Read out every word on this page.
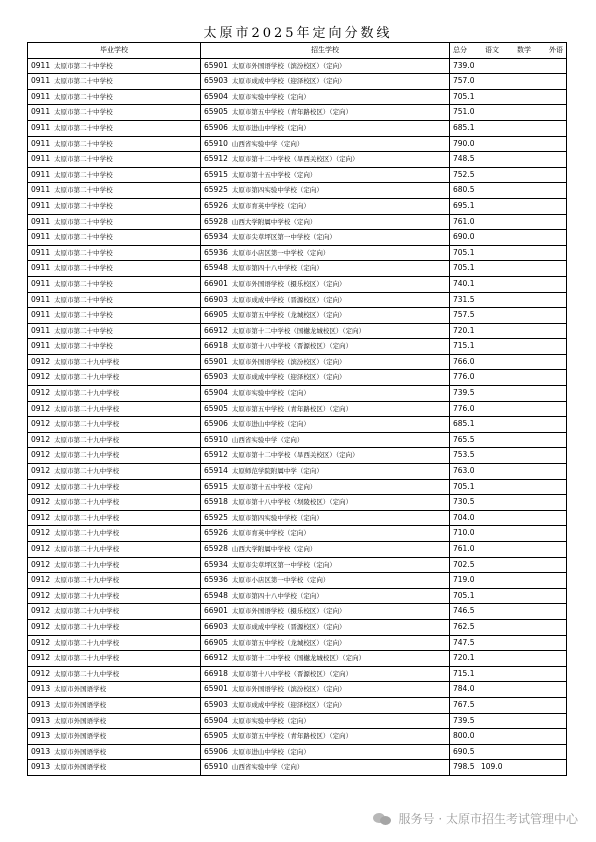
太原市2025年定向分数线
毕业学校	招生学校	总分 语文 数学 外语

0911 太原市第二十中学校	65901 太原市外国语学校（滨汾校区）（定向）	739.0
0911 太原市第二十中学校	65903 太原市成成中学校（迎泽校区）（定向）	757.0
0911 太原市第二十中学校	65904 太原市实验中学校（定向）	705.1
0911 太原市第二十中学校	65905 太原市第五中学校（青年路校区）（定向）	751.0
0911 太原市第二十中学校	65906 太原市进山中学校（定向）	685.1
0911 太原市第二十中学校	65910 山西省实验中学（定向）	790.0
0911 太原市第二十中学校	65912 太原市第十二中学校（旱西关校区）（定向）	748.5
0911 太原市第二十中学校	65915 太原市第十五中学校（定向）	752.5
0911 太原市第二十中学校	65925 太原市第四实验中学校（定向）	680.5
0911 太原市第二十中学校	65926 太原市育英中学校（定向）	695.1
0911 太原市第二十中学校	65928 山西大学附属中学校（定向）	761.0
0911 太原市第二十中学校	65934 太原市尖草坪区第一中学校（定向）	690.0
0911 太原市第二十中学校	65936 太原市小店区第一中学校（定向）	705.1
0911 太原市第二十中学校	65948 太原市第四十八中学校（定向）	705.1
0911 太原市第二十中学校	66901 太原市外国语学校（摄乐校区）（定向）	740.1
0911 太原市第二十中学校	66903 太原市成成中学校（晋源校区）（定向）	731.5
0911 太原市第二十中学校	66905 太原市第五中学校（龙城校区）（定向）	757.5
0911 太原市第二十中学校	66912 太原市第十二中学校（国樾龙城校区）（定向）	720.1
0911 太原市第二十中学校	66918 太原市第十八中学校（晋源校区）（定向）	715.1
0912 太原市第二十九中学校	65901 太原市外国语学校（滨汾校区）（定向）	766.0
0912 太原市第二十九中学校	65903 太原市成成中学校（迎泽校区）（定向）	776.0
0912 太原市第二十九中学校	65904 太原市实验中学校（定向）	739.5
0912 太原市第二十九中学校	65905 太原市第五中学校（青年路校区）（定向）	776.0
0912 太原市第二十九中学校	65906 太原市进山中学校（定向）	685.1
0912 太原市第二十九中学校	65910 山西省实验中学（定向）	765.5
0912 太原市第二十九中学校	65912 太原市第十二中学校（旱西关校区）（定向）	753.5
0912 太原市第二十九中学校	65914 太原师范学院附属中学（定向）	763.0
0912 太原市第二十九中学校	65915 太原市第十五中学校（定向）	705.1
0912 太原市第二十九中学校	65918 太原市第十八中学校（坝陵校区）（定向）	730.5
0912 太原市第二十九中学校	65925 太原市第四实验中学校（定向）	704.0
0912 太原市第二十九中学校	65926 太原市育英中学校（定向）	710.0
0912 太原市第二十九中学校	65928 山西大学附属中学校（定向）	761.0
0912 太原市第二十九中学校	65934 太原市尖草坪区第一中学校（定向）	702.5
0912 太原市第二十九中学校	65936 太原市小店区第一中学校（定向）	719.0
0912 太原市第二十九中学校	65948 太原市第四十八中学校（定向）	705.1
0912 太原市第二十九中学校	66901 太原市外国语学校（摄乐校区）（定向）	746.5
0912 太原市第二十九中学校	66903 太原市成成中学校（晋源校区）（定向）	762.5
0912 太原市第二十九中学校	66905 太原市第五中学校（龙城校区）（定向）	747.5
0912 太原市第二十九中学校	66912 太原市第十二中学校（国樾龙城校区）（定向）	720.1
0912 太原市第二十九中学校	66918 太原市第十八中学校（晋源校区）（定向）	715.1
0913 太原市外国语学校	65901 太原市外国语学校（滨汾校区）（定向）	784.0
0913 太原市外国语学校	65903 太原市成成中学校（迎泽校区）（定向）	767.5
0913 太原市外国语学校	65904 太原市实验中学校（定向）	739.5
0913 太原市外国语学校	65905 太原市第五中学校（青年路校区）（定向）	800.0
0913 太原市外国语学校	65906 太原市进山中学校（定向）	690.5
0913 太原市外国语学校	65910 山西省实验中学（定向）	798.5 109.0
服务号 · 太原市招生考试管理中心
